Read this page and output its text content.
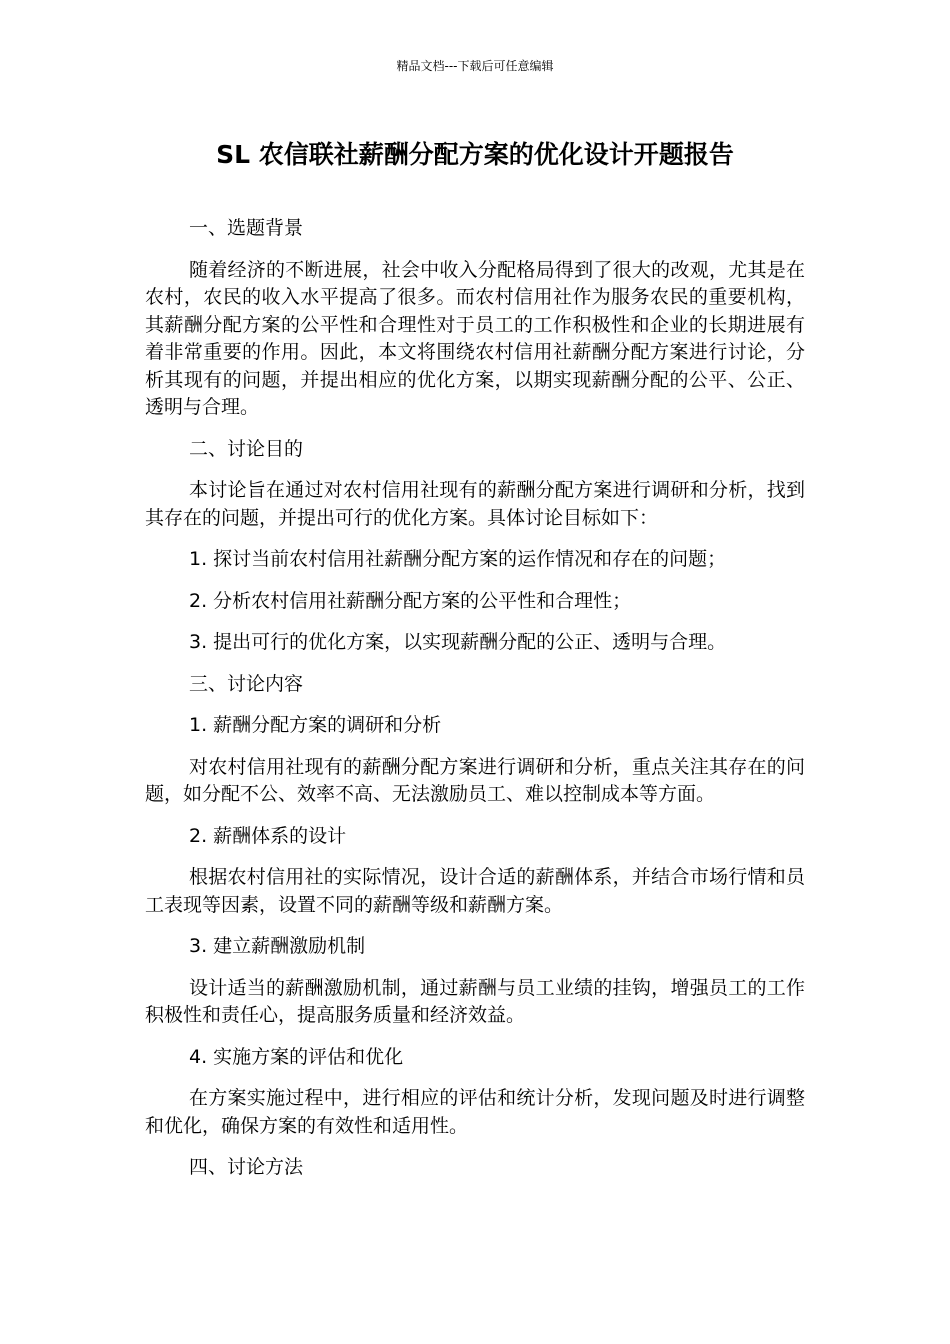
精品文档---下载后可任意编辑
SL 农信联社薪酬分配方案的优化设计开题报告

一、选题背景

随着经济的不断进展，社会中收入分配格局得到了很大的改观，尤其是在农村，农民的收入水平提高了很多。而农村信用社作为服务农民的重要机构，其薪酬分配方案的公平性和合理性对于员工的工作积极性和企业的长期进展有着非常重要的作用。因此，本文将围绕农村信用社薪酬分配方案进行讨论，分析其现有的问题，并提出相应的优化方案，以期实现薪酬分配的公平、公正、透明与合理。

二、讨论目的

本讨论旨在通过对农村信用社现有的薪酬分配方案进行调研和分析，找到其存在的问题，并提出可行的优化方案。具体讨论目标如下：

1. 探讨当前农村信用社薪酬分配方案的运作情况和存在的问题；

2. 分析农村信用社薪酬分配方案的公平性和合理性；

3. 提出可行的优化方案，以实现薪酬分配的公正、透明与合理。

三、讨论内容

1. 薪酬分配方案的调研和分析

对农村信用社现有的薪酬分配方案进行调研和分析，重点关注其存在的问题，如分配不公、效率不高、无法激励员工、难以控制成本等方面。

2. 薪酬体系的设计

根据农村信用社的实际情况，设计合适的薪酬体系，并结合市场行情和员工表现等因素，设置不同的薪酬等级和薪酬方案。

3. 建立薪酬激励机制

设计适当的薪酬激励机制，通过薪酬与员工业绩的挂钩，增强员工的工作积极性和责任心，提高服务质量和经济效益。

4. 实施方案的评估和优化

在方案实施过程中，进行相应的评估和统计分析，发现问题及时进行调整和优化，确保方案的有效性和适用性。

四、讨论方法
